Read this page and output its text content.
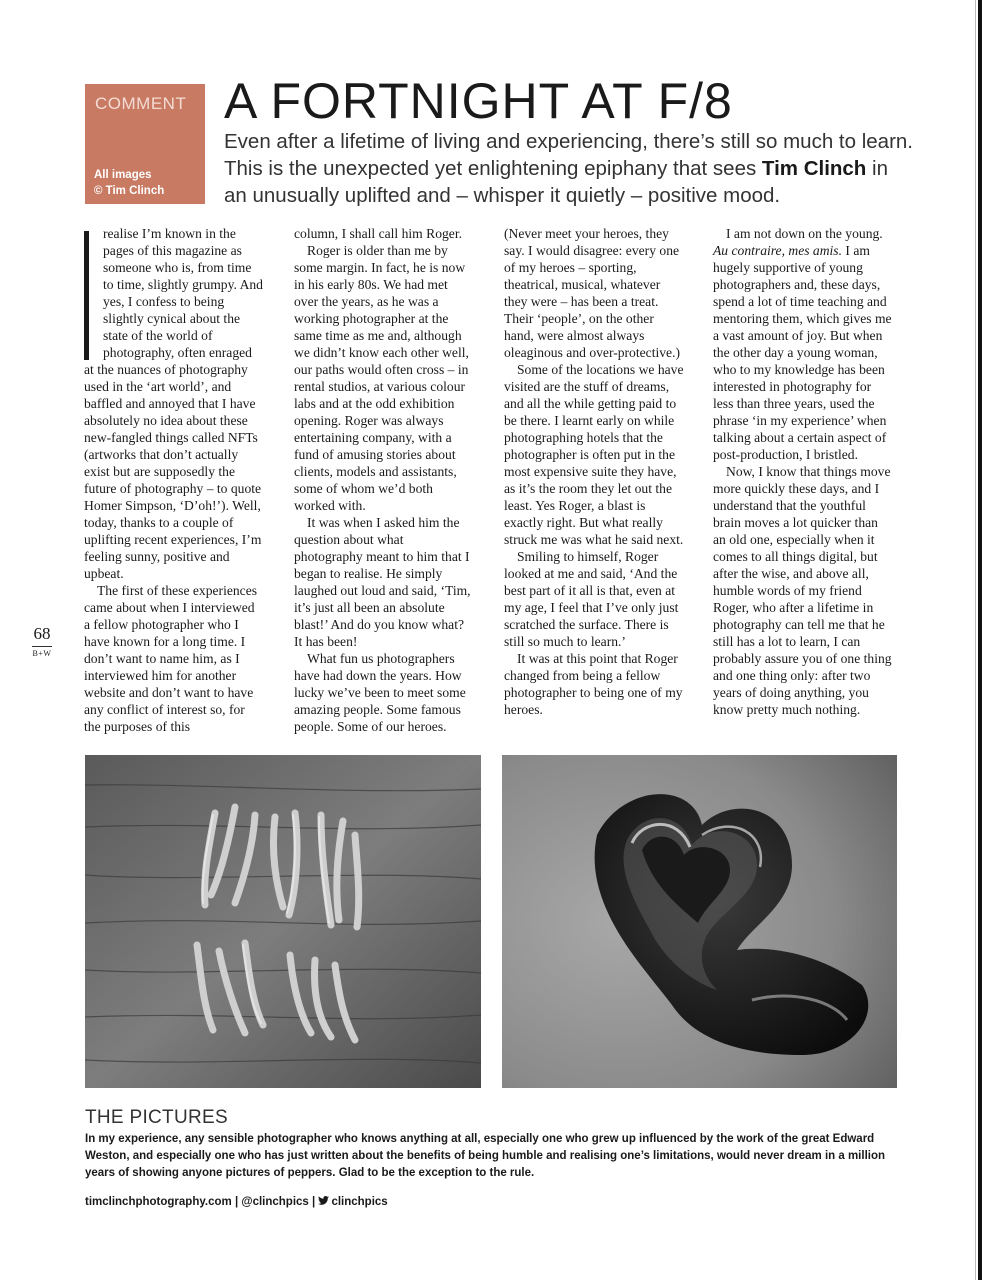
COMMENT
All images
© Tim Clinch
A FORTNIGHT AT F/8

Even after a lifetime of living and experiencing, there’s still so much to learn. This is the unexpected yet enlightening epiphany that sees Tim Clinch in an unusually uplifted and – whisper it quietly – positive mood.

realise I’m known in the pages of this magazine as someone who is, from time to time, slightly grumpy. And yes, I confess to being slightly cynical about the state of the world of photography, often enraged at the nuances of photography used in the ‘art world’, and baffled and annoyed that I have absolutely no idea about these new-fangled things called NFTs (artworks that don’t actually exist but are supposedly the future of photography – to quote Homer Simpson, ‘D’oh!’). Well, today, thanks to a couple of uplifting recent experiences, I’m feeling sunny, positive and upbeat.

The first of these experiences came about when I interviewed a fellow photographer who I have known for a long time. I don’t want to name him, as I interviewed him for another website and don’t want to have any conflict of interest so, for the purposes of this

column, I shall call him Roger.

Roger is older than me by some margin. In fact, he is now in his early 80s. We had met over the years, as he was a working photographer at the same time as me and, although we didn’t know each other well, our paths would often cross – in rental studios, at various colour labs and at the odd exhibition opening. Roger was always entertaining company, with a fund of amusing stories about clients, models and assistants, some of whom we’d both worked with.

It was when I asked him the question about what photography meant to him that I began to realise. He simply laughed out loud and said, ‘Tim, it’s just all been an absolute blast!’ And do you know what? It has been!

What fun us photographers have had down the years. How lucky we’ve been to meet some amazing people. Some famous people. Some of our heroes.

(Never meet your heroes, they say. I would disagree: every one of my heroes – sporting, theatrical, musical, whatever they were – has been a treat. Their ‘people’, on the other hand, were almost always oleaginous and over-protective.)

Some of the locations we have visited are the stuff of dreams, and all the while getting paid to be there. I learnt early on while photographing hotels that the photographer is often put in the most expensive suite they have, as it’s the room they let out the least. Yes Roger, a blast is exactly right. But what really struck me was what he said next.

Smiling to himself, Roger looked at me and said, ‘And the best part of it all is that, even at my age, I feel that I’ve only just scratched the surface. There is still so much to learn.’

It was at this point that Roger changed from being a fellow photographer to being one of my heroes.

I am not down on the young. Au contraire, mes amis. I am hugely supportive of young photographers and, these days, spend a lot of time teaching and mentoring them, which gives me a vast amount of joy. But when the other day a young woman, who to my knowledge has been interested in photography for less than three years, used the phrase ‘in my experience’ when talking about a certain aspect of post-production, I bristled.

Now, I know that things move more quickly these days, and I understand that the youthful brain moves a lot quicker than an old one, especially when it comes to all things digital, but after the wise, and above all, humble words of my friend Roger, who after a lifetime in photography can tell me that he still has a lot to learn, I can probably assure you of one thing and one thing only: after two years of doing anything, you know pretty much nothing.

68
B+W
THE PICTURES

In my experience, any sensible photographer who knows anything at all, especially one who grew up influenced by the work of the great Edward Weston, and especially one who has just written about the benefits of being humble and realising one’s limitations, would never dream in a million years of showing anyone pictures of peppers. Glad to be the exception to the rule.

timclinchphotography.com | @clinchpics | clinchpics
